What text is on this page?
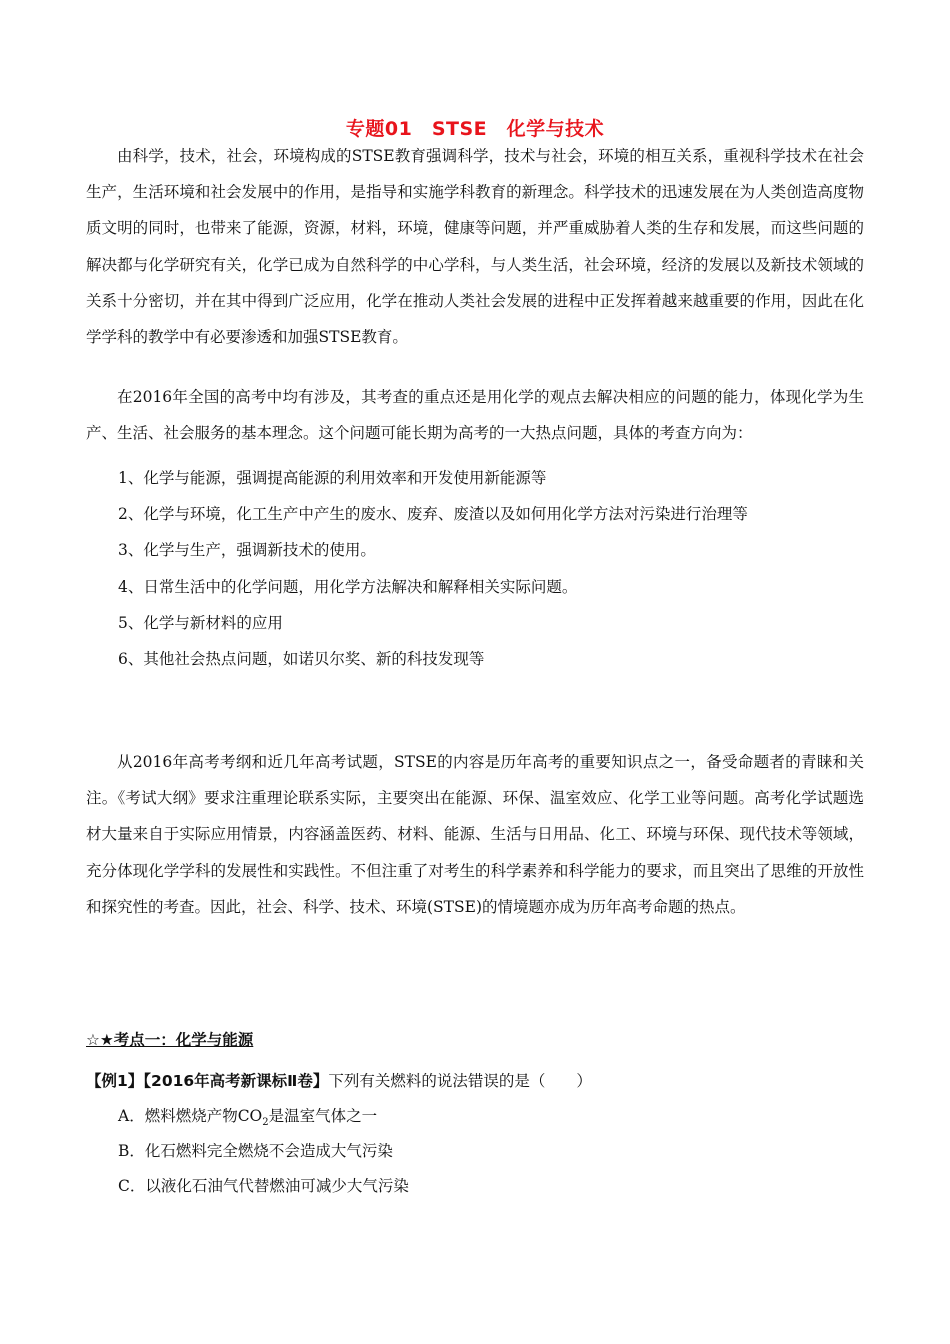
专题01　STSE　化学与技术

由科学，技术，社会，环境构成的STSE教育强调科学，技术与社会，环境的相互关系，重视科学技术在社会生产，生活环境和社会发展中的作用，是指导和实施学科教育的新理念。科学技术的迅速发展在为人类创造高度物质文明的同时，也带来了能源，资源，材料，环境，健康等问题，并严重威胁着人类的生存和发展，而这些问题的解决都与化学研究有关，化学已成为自然科学的中心学科，与人类生活，社会环境，经济的发展以及新技术领域的关系十分密切，并在其中得到广泛应用，化学在推动人类社会发展的进程中正发挥着越来越重要的作用，因此在化学学科的教学中有必要渗透和加强STSE教育。

在2016年全国的高考中均有涉及，其考查的重点还是用化学的观点去解决相应的问题的能力，体现化学为生产、生活、社会服务的基本理念。这个问题可能长期为高考的一大热点问题，具体的考查方向为：

1、化学与能源，强调提高能源的利用效率和开发使用新能源等
2、化学与环境，化工生产中产生的废水、废弃、废渣以及如何用化学方法对污染进行治理等
3、化学与生产，强调新技术的使用。
4、日常生活中的化学问题，用化学方法解决和解释相关实际问题。
5、化学与新材料的应用
6、其他社会热点问题，如诺贝尔奖、新的科技发现等

从2016年高考考纲和近几年高考试题，STSE的内容是历年高考的重要知识点之一，备受命题者的青睐和关注。《考试大纲》要求注重理论联系实际，主要突出在能源、环保、温室效应、化学工业等问题。高考化学试题选材大量来自于实际应用情景，内容涵盖医药、材料、能源、生活与日用品、化工、环境与环保、现代技术等领域，充分体现化学学科的发展性和实践性。不但注重了对考生的科学素养和科学能力的要求，而且突出了思维的开放性和探究性的考查。因此，社会、科学、技术、环境(STSE)的情境题亦成为历年高考命题的热点。

☆★考点一：化学与能源
【例1】【2016年高考新课标Ⅱ卷】下列有关燃料的说法错误的是（　　）
A．燃料燃烧产物$CO_2$是温室气体之一
B．化石燃料完全燃烧不会造成大气污染
C．以液化石油气代替燃油可减少大气污染
